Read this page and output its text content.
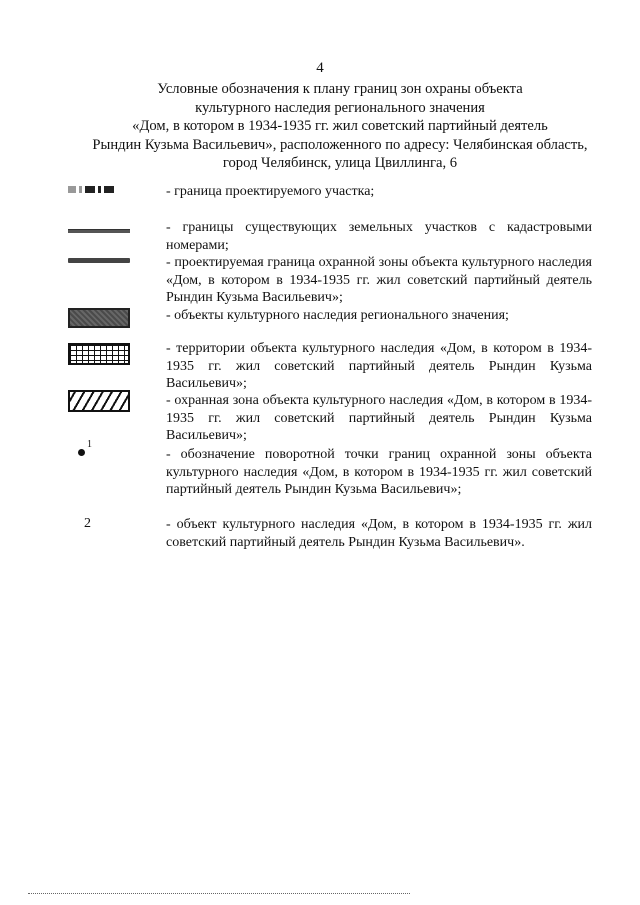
4
Условные обозначения к плану границ зон охраны объекта
культурного наследия регионального значения
«Дом, в котором в 1934-1935 гг. жил советский партийный деятель
Рындин Кузьма Васильевич», расположенного по адресу: Челябинская область,
город Челябинск, улица Цвиллинга, 6

- граница проектируемого участка;

- границы существующих земельных участков с кадастровыми номерами;

- проектируемая граница охранной зоны объекта культурного наследия «Дом, в котором в 1934-1935 гг. жил советский партийный деятель Рындин Кузьма Васильевич»;

- объекты культурного наследия регионального значения;

- территории объекта культурного наследия «Дом, в котором в 1934-1935 гг. жил советский партийный деятель Рындин Кузьма Васильевич»;

- охранная зона объекта культурного наследия «Дом, в котором в 1934-1935 гг. жил советский партийный деятель Рындин Кузьма Васильевич»;

1

- обозначение поворотной точки границ охранной зоны объекта культурного наследия «Дом, в котором в 1934-1935 гг. жил советский партийный деятель Рындин Кузьма Васильевич»;

2	- объект культурного наследия «Дом, в котором в 1934-1935 гг. жил советский партийный деятель Рындин Кузьма Васильевич».
